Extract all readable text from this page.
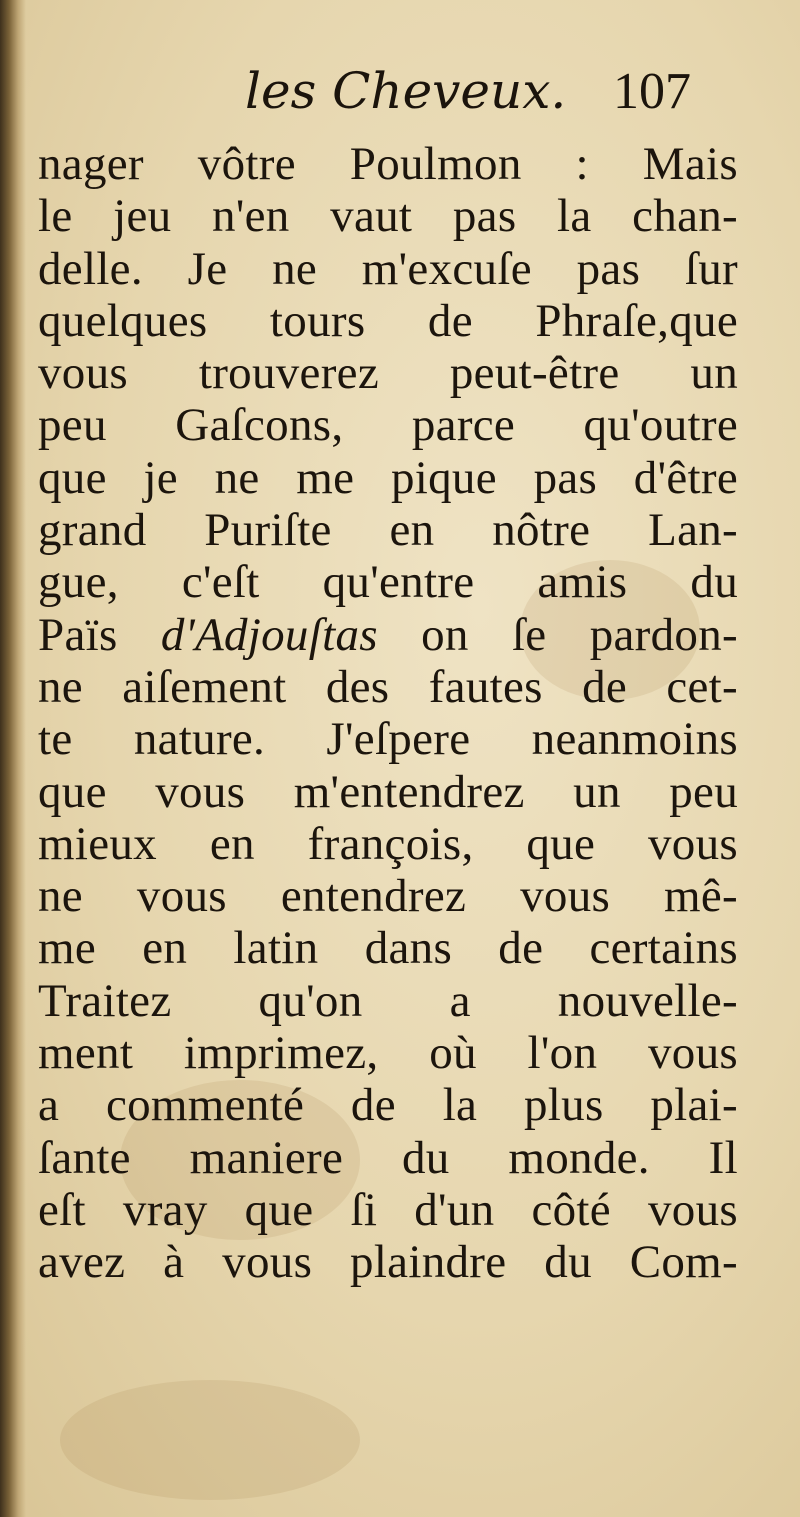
les Cheveux. 107
nager vôtre Poulmon : Mais
le jeu n'en vaut pas la chan-
delle. Je ne m'excuſe pas ſur
quelques tours de Phraſe,que
vous trouverez peut-être un
peu Gaſcons, parce qu'outre
que je ne me pique pas d'être
grand Puriſte en nôtre Lan-
gue, c'eſt qu'entre amis du
Païs d'Adjouſtas on ſe pardon-
ne aiſement des fautes de cet-
te nature. J'eſpere neanmoins
que vous m'entendrez un peu
mieux en françois, que vous
ne vous entendrez vous mê-
me en latin dans de certains
Traitez qu'on a nouvelle-
ment imprimez, où l'on vous
a commenté de la plus plai-
ſante maniere du monde. Il
eſt vray que ſi d'un côté vous
avez à vous plaindre du Com-
